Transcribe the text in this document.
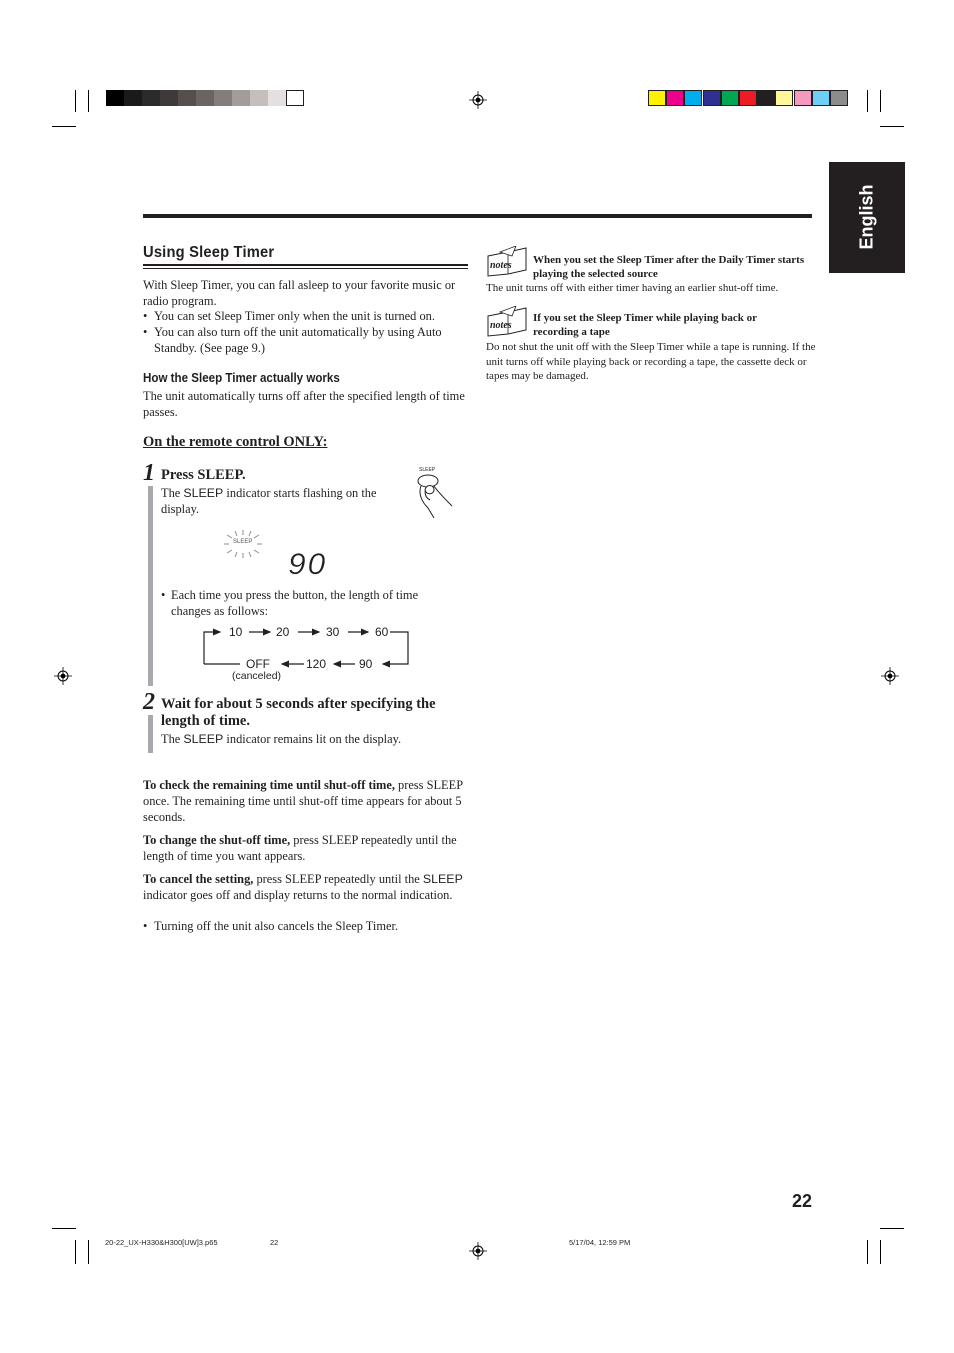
English
Using Sleep Timer
With Sleep Timer, you can fall asleep to your favorite music or radio program.
• You can set Sleep Timer only when the unit is turned on.
• You can also turn off the unit automatically by using Auto Standby. (See page 9.)
How the Sleep Timer actually works
The unit automatically turns off after the specified length of time passes.
On the remote control ONLY:
1 Press SLEEP.
The SLEEP indicator starts flashing on the display.
SLEEP
SLEEP
90
• Each time you press the button, the length of time changes as follows:
10	20	30	60
OFF	120	90
(canceled)
2 Wait for about 5 seconds after specifying the length of time.
The SLEEP indicator remains lit on the display.
To check the remaining time until shut-off time, press SLEEP once. The remaining time until shut-off time appears for about 5 seconds.
To change the shut-off time, press SLEEP repeatedly until the length of time you want appears.
To cancel the setting, press SLEEP repeatedly until the SLEEP indicator goes off and display returns to the normal indication.
• Turning off the unit also cancels the Sleep Timer.
notes When you set the Sleep Timer after the Daily Timer starts playing the selected source
The unit turns off with either timer having an earlier shut-off time.
notes
If you set the Sleep Timer while playing back or recording a tape
Do not shut the unit off with the Sleep Timer while a tape is running. If the unit turns off while playing back or recording a tape, the cassette deck or tapes may be damaged.
22
20-22_UX-H330&H300[UW]3.p65	22	5/17/04, 12:59 PM
